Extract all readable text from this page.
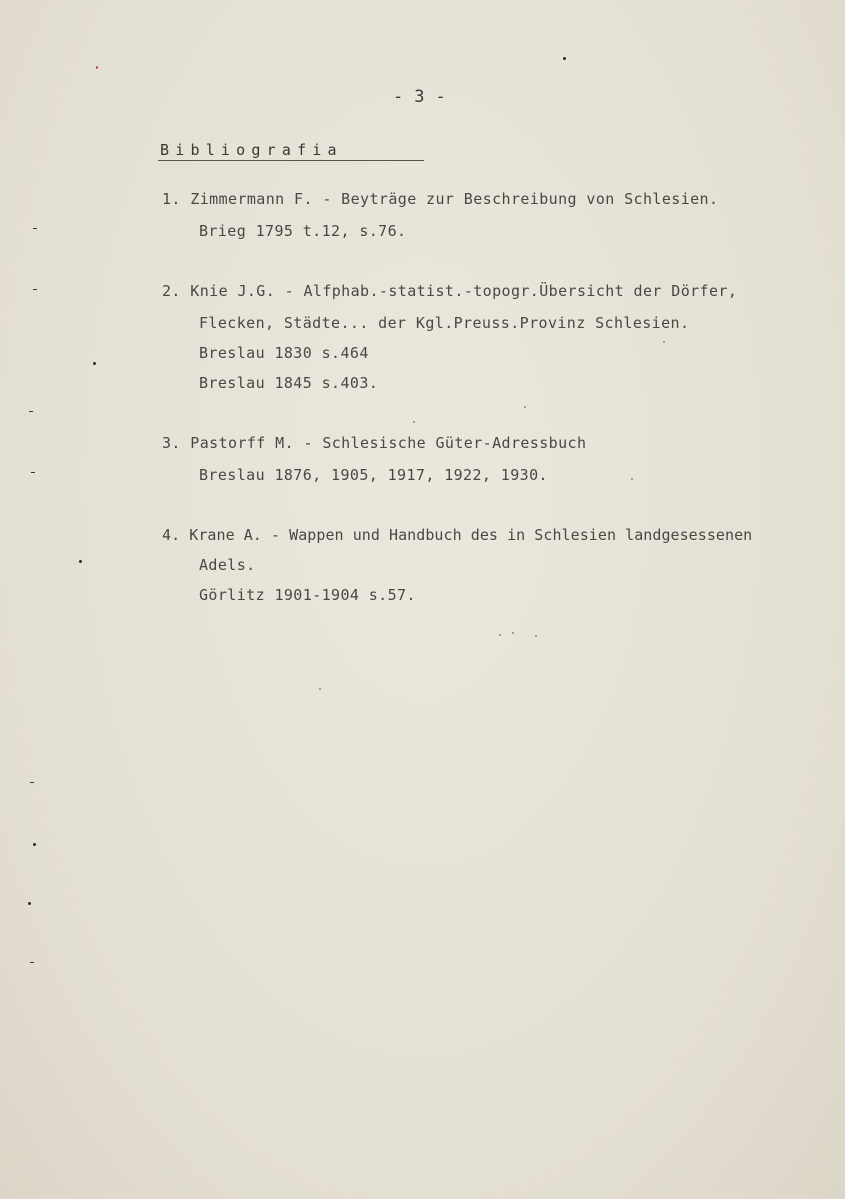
- 3 -
Bibliografia
1. Zimmermann F. - Beyträge zur Beschreibung von Schlesien.
Brieg 1795 t.12, s.76.
2. Knie J.G. - Alfphab.-statist.-topogr.Übersicht der Dörfer,
Flecken, Städte... der Kgl.Preuss.Provinz Schlesien.
Breslau 1830 s.464
Breslau 1845 s.403.
3. Pastorff M. - Schlesische Güter-Adressbuch
Breslau 1876, 1905, 1917, 1922, 1930.
4. Krane A. - Wappen und Handbuch des in Schlesien landgesessenen
Adels.
Görlitz 1901-1904 s.57.
